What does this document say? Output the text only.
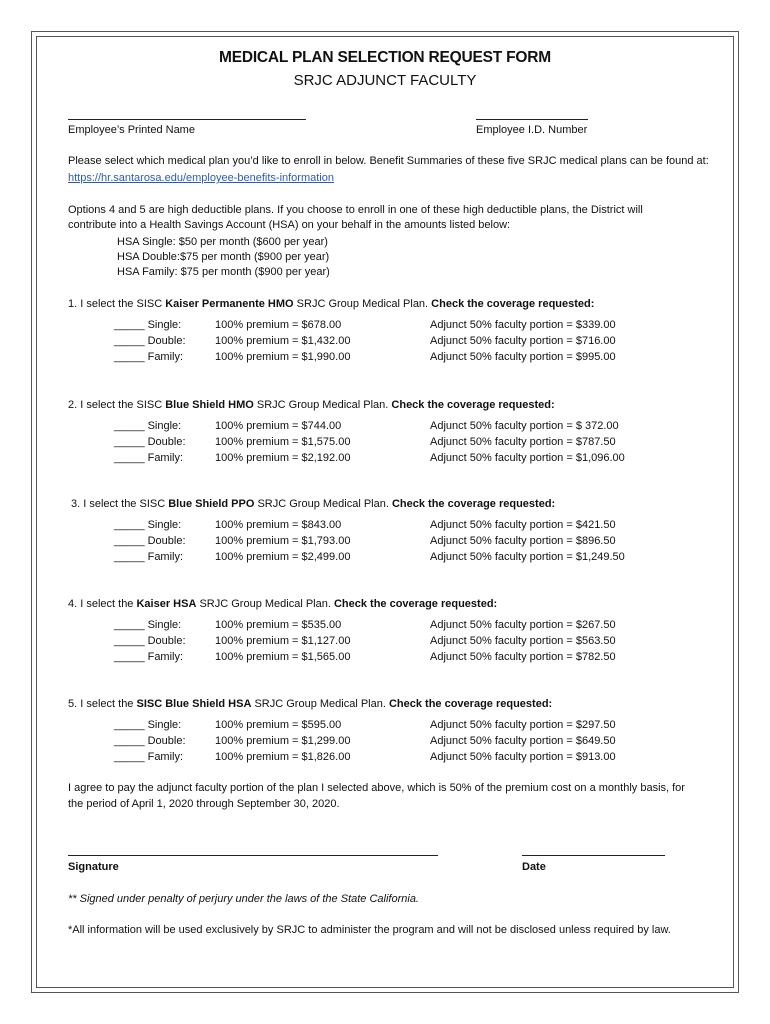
MEDICAL PLAN SELECTION REQUEST FORM
SRJC ADJUNCT FACULTY
Employee’s Printed Name	Employee I.D. Number
Please select which medical plan you’d like to enroll in below. Benefit Summaries of these five SRJC medical plans can be found at:
https://hr.santarosa.edu/employee-benefits-information
Options 4 and 5 are high deductible plans. If you choose to enroll in one of these high deductible plans, the District will
contribute into a Health Savings Account (HSA) on your behalf in the amounts listed below:
HSA Single: $50 per month ($600 per year)
HSA Double:$75 per month ($900 per year)
HSA Family: $75 per month ($900 per year)
1. I select the SISC Kaiser Permanente HMO SRJC Group Medical Plan. Check the coverage requested:
_____ Single:	100% premium = $678.00	Adjunct 50% faculty portion = $339.00
_____ Double:	100% premium = $1,432.00	Adjunct 50% faculty portion = $716.00
_____ Family:	100% premium = $1,990.00	Adjunct 50% faculty portion = $995.00
2. I select the SISC Blue Shield HMO SRJC Group Medical Plan. Check the coverage requested:
_____ Single:	100% premium = $744.00	Adjunct 50% faculty portion = $ 372.00
_____ Double:	100% premium = $1,575.00	Adjunct 50% faculty portion = $787.50
_____ Family:	100% premium = $2,192.00	Adjunct 50% faculty portion = $1,096.00
3. I select the SISC Blue Shield PPO SRJC Group Medical Plan. Check the coverage requested:
_____ Single:	100% premium = $843.00	Adjunct 50% faculty portion = $421.50
_____ Double:	100% premium = $1,793.00	Adjunct 50% faculty portion = $896.50
_____ Family:	100% premium = $2,499.00	Adjunct 50% faculty portion = $1,249.50
4. I select the Kaiser HSA SRJC Group Medical Plan. Check the coverage requested:
_____ Single:	100% premium = $535.00	Adjunct 50% faculty portion = $267.50
_____ Double:	100% premium = $1,127.00	Adjunct 50% faculty portion = $563.50
_____ Family:	100% premium = $1,565.00	Adjunct 50% faculty portion = $782.50
5. I select the SISC Blue Shield HSA SRJC Group Medical Plan. Check the coverage requested:
_____ Single:	100% premium = $595.00	Adjunct 50% faculty portion = $297.50
_____ Double:	100% premium = $1,299.00	Adjunct 50% faculty portion = $649.50
_____ Family:	100% premium = $1,826.00	Adjunct 50% faculty portion = $913.00
I agree to pay the adjunct faculty portion of the plan I selected above, which is 50% of the premium cost on a monthly basis, for
the period of April 1, 2020 through September 30, 2020.
Signature	Date
** Signed under penalty of perjury under the laws of the State California.
*All information will be used exclusively by SRJC to administer the program and will not be disclosed unless required by law.
